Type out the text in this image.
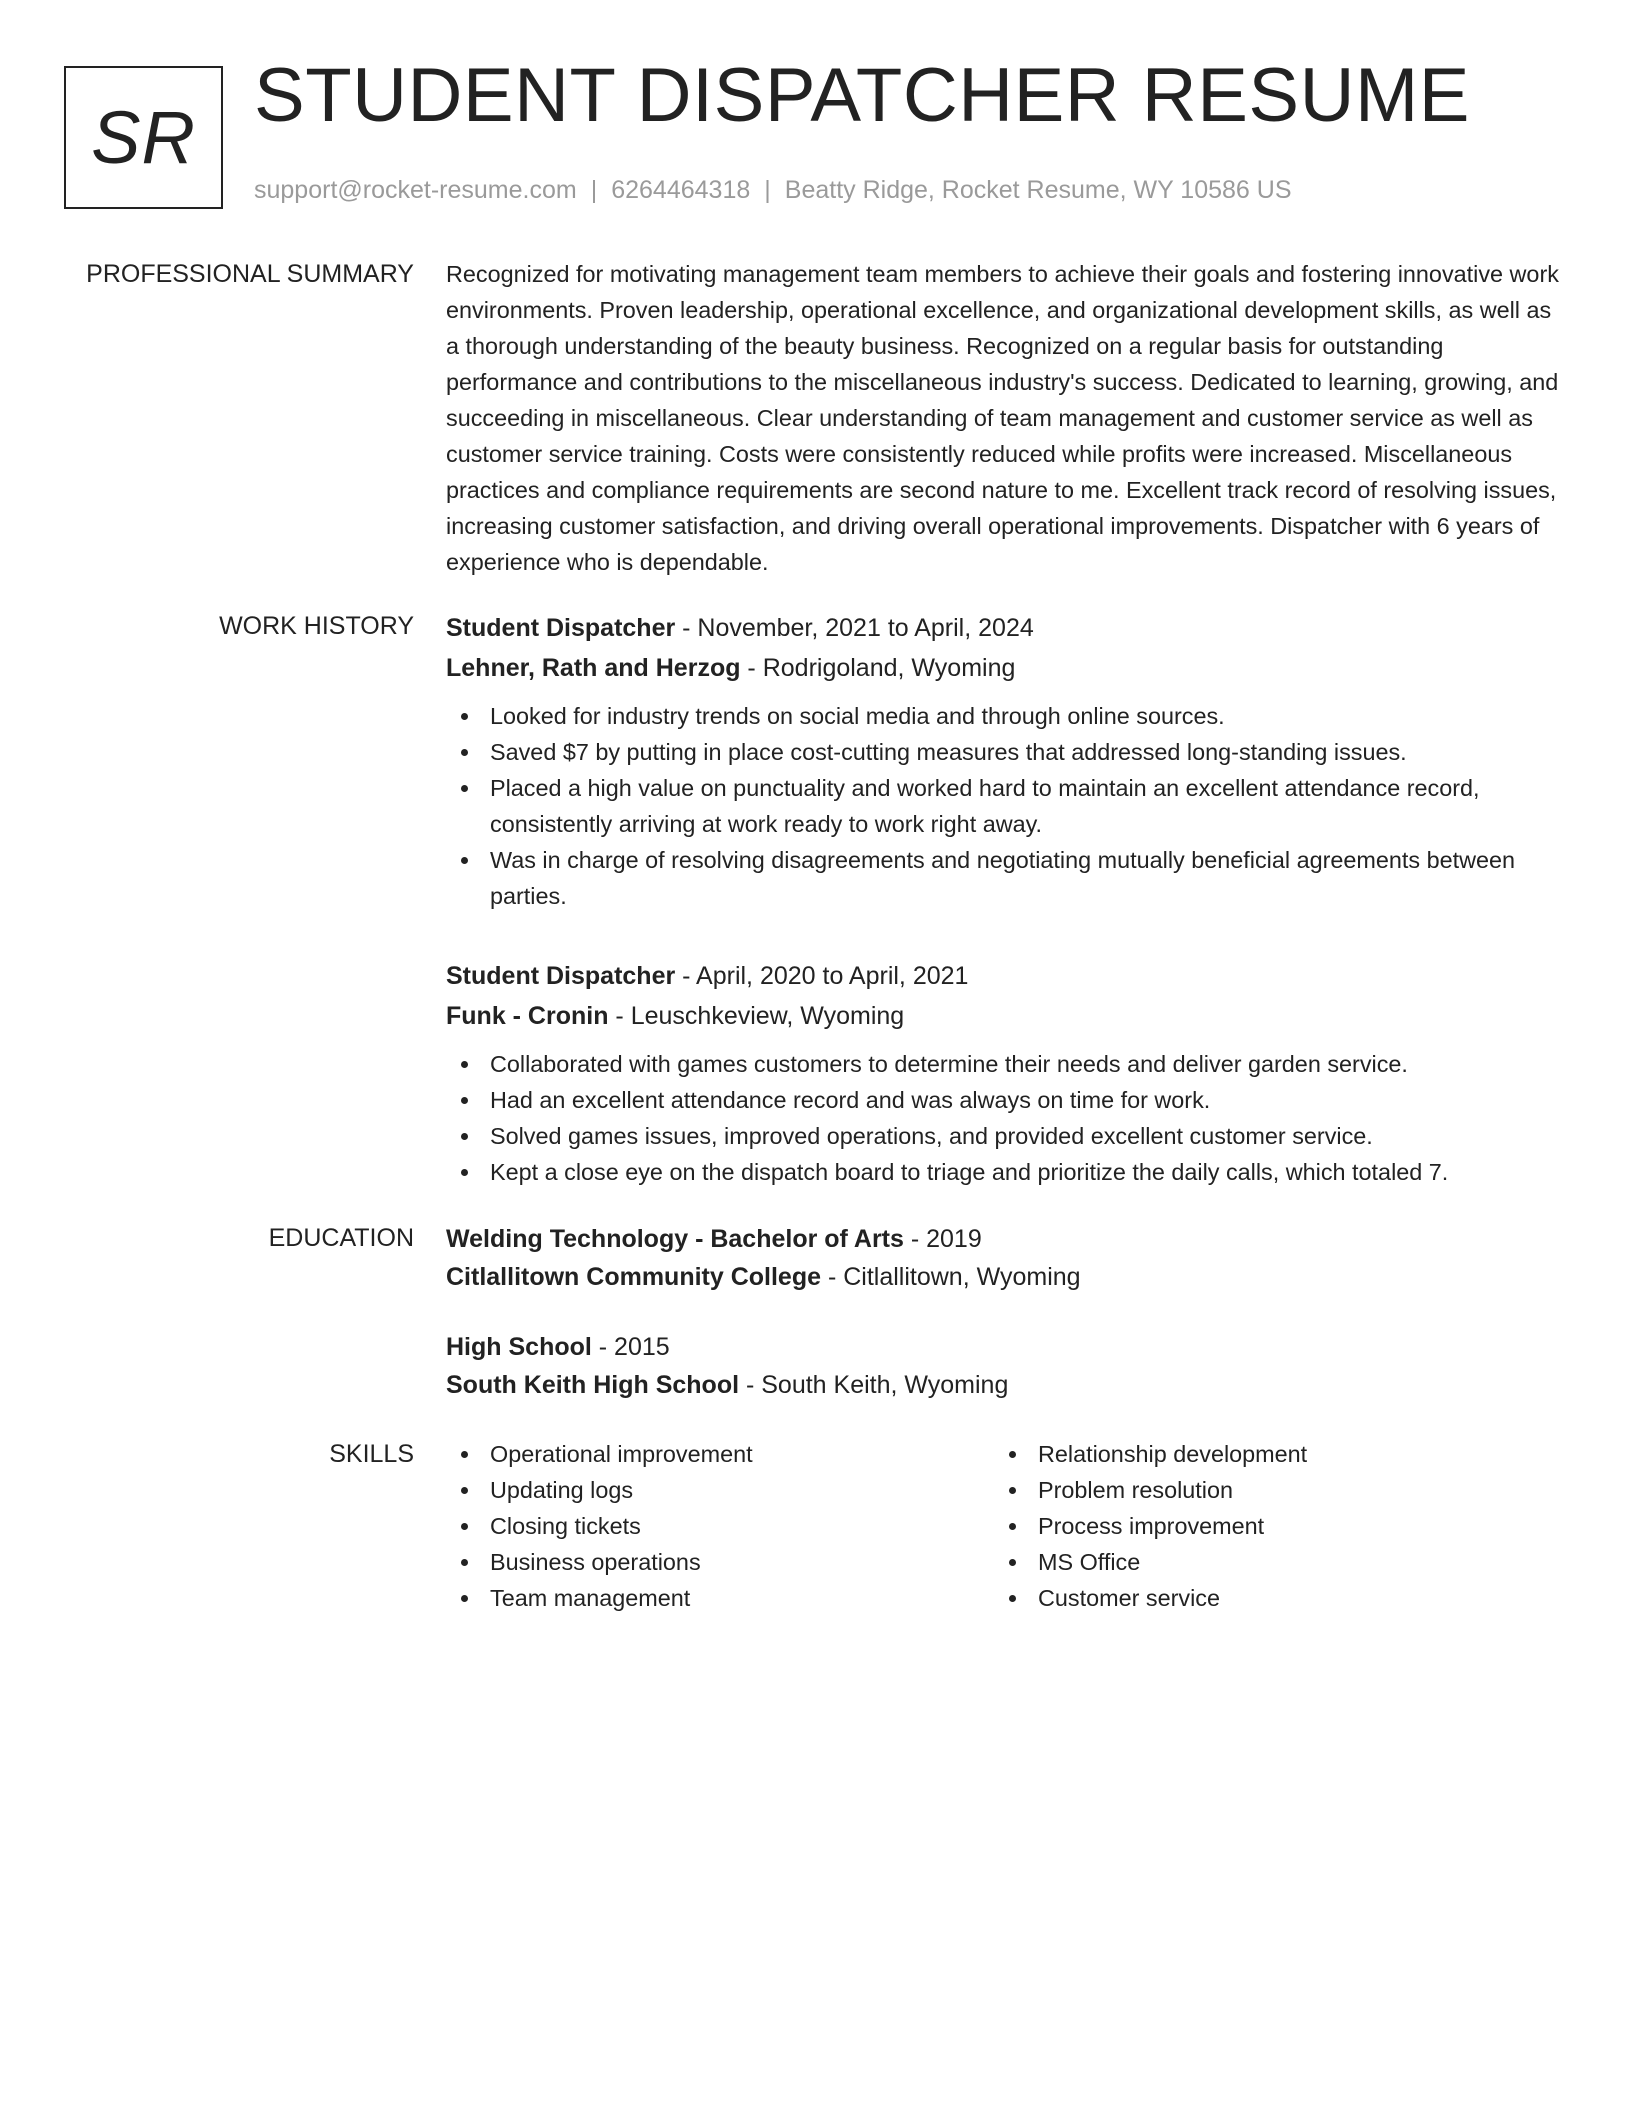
SR STUDENT DISPATCHER RESUME
support@rocket-resume.com | 6264464318 | Beatty Ridge, Rocket Resume, WY 10586 US
PROFESSIONAL SUMMARY Recognized for motivating management team members to achieve their goals and fostering innovative work environments. Proven leadership, operational excellence, and organizational development skills, as well as a thorough understanding of the beauty business. Recognized on a regular basis for outstanding performance and contributions to the miscellaneous industry's success. Dedicated to learning, growing, and succeeding in miscellaneous. Clear understanding of team management and customer service as well as customer service training. Costs were consistently reduced while profits were increased. Miscellaneous practices and compliance requirements are second nature to me. Excellent track record of resolving issues, increasing customer satisfaction, and driving overall operational improvements. Dispatcher with 6 years of experience who is dependable.

WORK HISTORY Student Dispatcher - November, 2021 to April, 2024
Lehner, Rath and Herzog - Rodrigoland, Wyoming
Looked for industry trends on social media and through online sources.
Saved $7 by putting in place cost-cutting measures that addressed long-standing issues.
Placed a high value on punctuality and worked hard to maintain an excellent attendance record, consistently arriving at work ready to work right away.
Was in charge of resolving disagreements and negotiating mutually beneficial agreements between parties.
Student Dispatcher - April, 2020 to April, 2021
Funk - Cronin - Leuschkeview, Wyoming
Collaborated with games customers to determine their needs and deliver garden service.
Had an excellent attendance record and was always on time for work.
Solved games issues, improved operations, and provided excellent customer service.
Kept a close eye on the dispatch board to triage and prioritize the daily calls, which totaled 7.
EDUCATION Welding Technology - Bachelor of Arts - 2019
Citlallitown Community College - Citlallitown, Wyoming
High School - 2015
South Keith High School - South Keith, Wyoming
SKILLS	Operational improvement
Updating logs
Closing tickets
Business operations
Team management
Relationship development
Problem resolution
Process improvement
MS Office
Customer service
